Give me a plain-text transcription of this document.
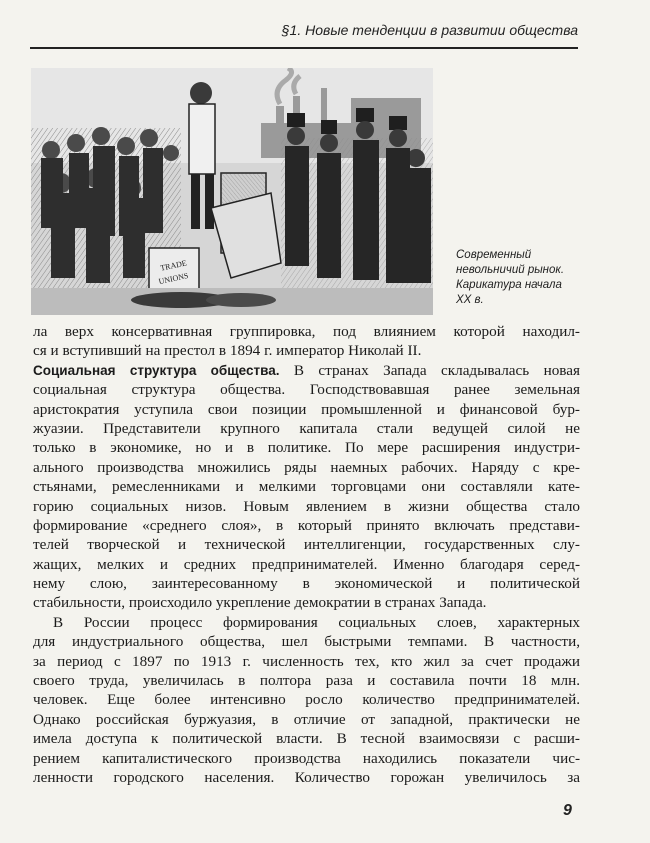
§1. Новые тенденции в развитии общества
TRADE
UNIONS
Современный
невольничий рынок.
Карикатура начала
XX в.
ла верх консервативная группировка, под влиянием которой находил-
ся и вступивший на престол в 1894 г. император Николай II.
Социальная структура общества. В странах Запада складывалась новая
социальная структура общества. Господствовавшая ранее земельная
аристократия уступила свои позиции промышленной и финансовой бур-
жуазии. Представители крупного капитала стали ведущей силой не
только в экономике, но и в политике. По мере расширения индустри-
ального производства множились ряды наемных рабочих. Наряду с кре-
стьянами, ремесленниками и мелкими торговцами они составляли кате-
горию социальных низов. Новым явлением в жизни общества стало
формирование «среднего слоя», в который принято включать представи-
телей творческой и технической интеллигенции, государственных слу-
жащих, мелких и средних предпринимателей. Именно благодаря серед-
нему слою, заинтересованному в экономической и политической
стабильности, происходило укрепление демократии в странах Запада.
В России процесс формирования социальных слоев, характерных
для индустриального общества, шел быстрыми темпами. В частности,
за период с 1897 по 1913 г. численность тех, кто жил за счет продажи
своего труда, увеличилась в полтора раза и составила почти 18 млн.
человек. Еще более интенсивно росло количество предпринимателей.
Однако российская буржуазия, в отличие от западной, практически не
имела доступа к политической власти. В тесной взаимосвязи с расши-
рением капиталистического производства находились показатели чис-
ленности городского населения. Количество горожан увеличилось за
9
